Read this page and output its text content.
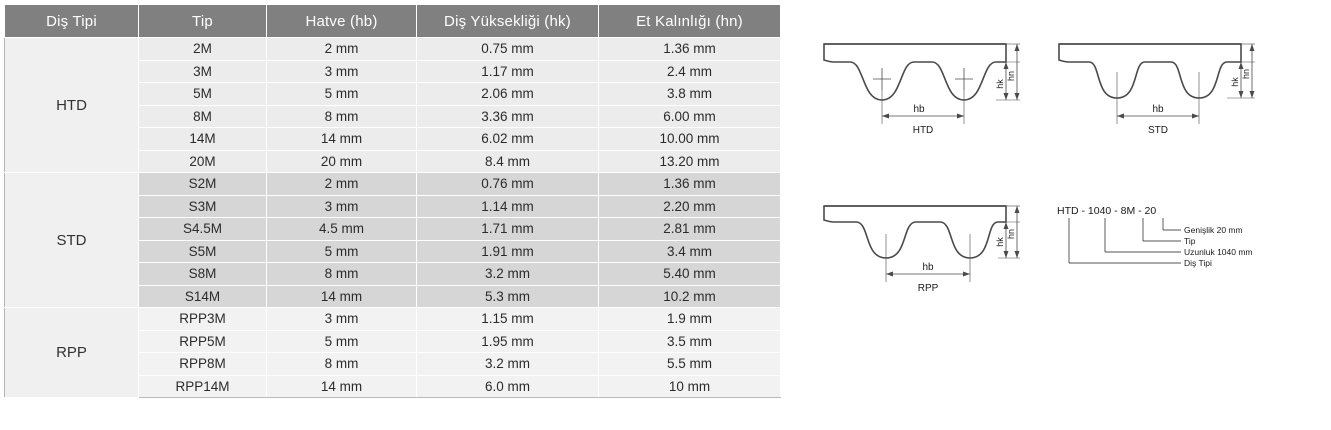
Diş Tipi	Tip	Hatve (hb)	Diş Yüksekliği (hk)	Et Kalınlığı (hn)
HTD	2M	2 mm	0.75 mm	1.36 mm
	3M	3 mm	1.17 mm	2.4 mm
	5M	5 mm	2.06 mm	3.8 mm
	8M	8 mm	3.36 mm	6.00 mm
	14M	14 mm	6.02 mm	10.00 mm
	20M	20 mm	8.4 mm	13.20 mm
STD	S2M	2 mm	0.76 mm	1.36 mm
	S3M	3 mm	1.14 mm	2.20 mm
	S4.5M	4.5 mm	1.71 mm	2.81 mm
	S5M	5 mm	1.91 mm	3.4 mm
	S8M	8 mm	3.2 mm	5.40 mm
	S14M	14 mm	5.3 mm	10.2 mm
RPP	RPP3M	3 mm	1.15 mm	1.9 mm
	RPP5M	5 mm	1.95 mm	3.5 mm
	RPP8M	8 mm	3.2 mm	5.5 mm
	RPP14M	14 mm	6.0 mm	10 mm
hb
HTD
hk
hn
hb
STD
hk
hn
hb
RPP
hk
hn
HTD - 1040 - 8M - 20
Genişlik 20 mm
Tip
Uzunluk 1040 mm
Diş Tipi
